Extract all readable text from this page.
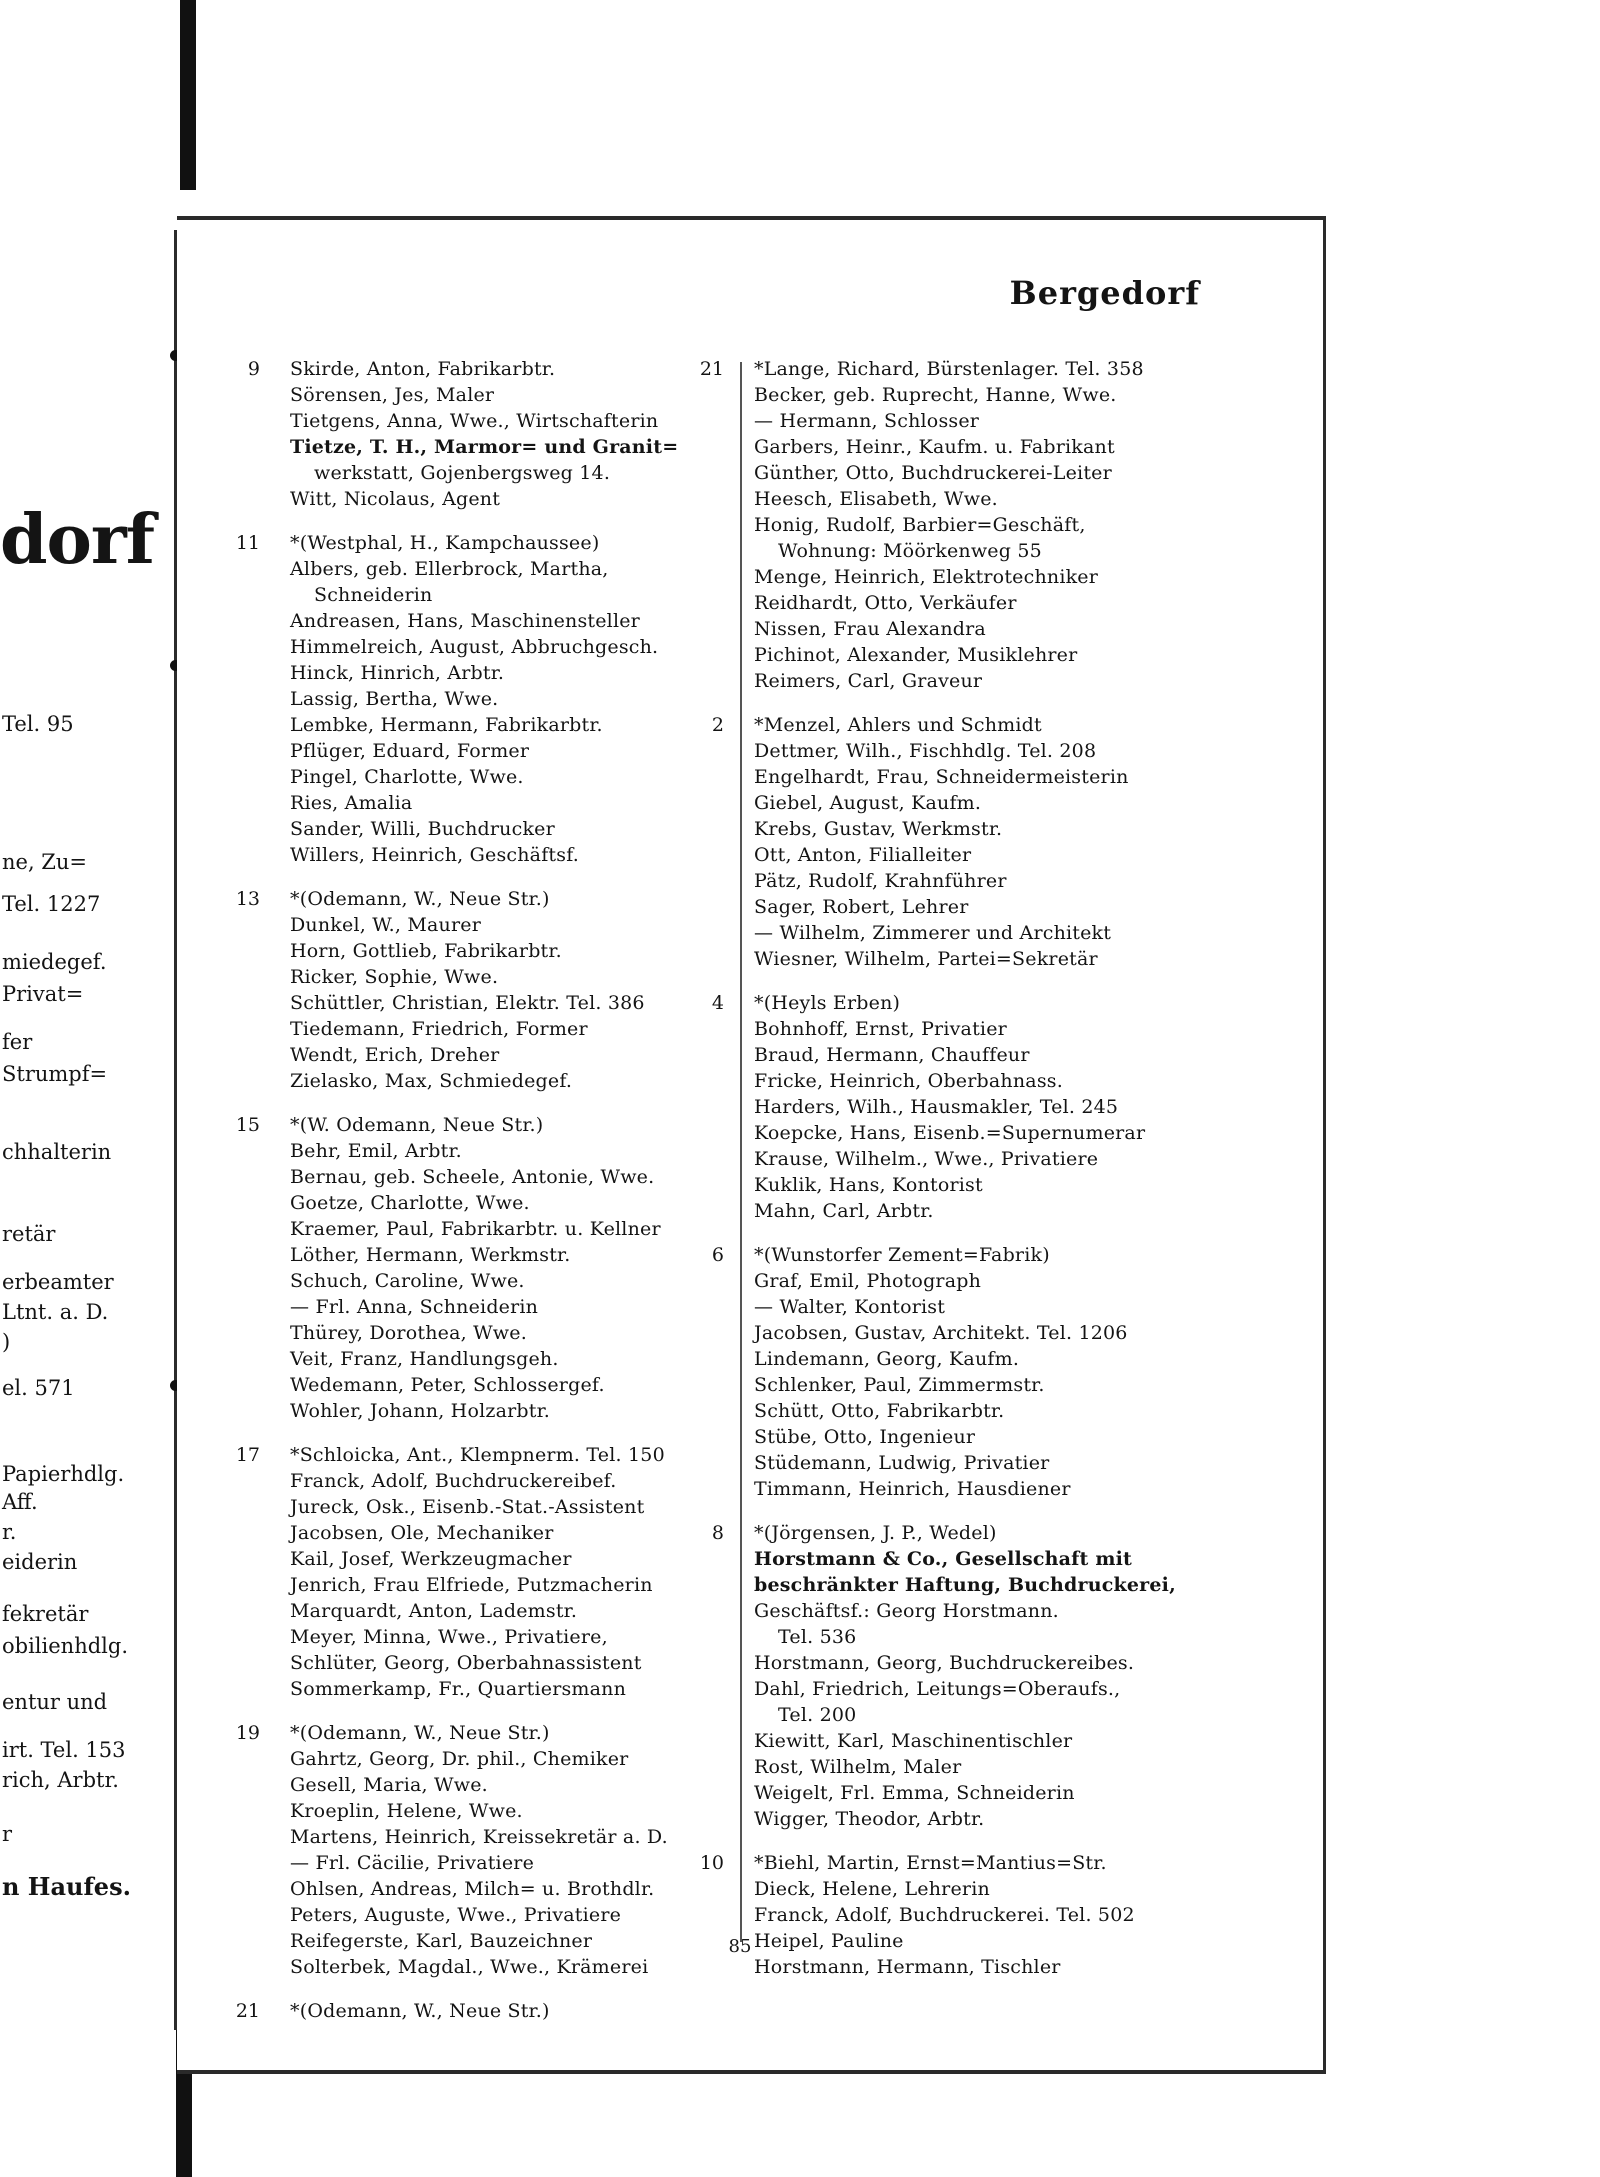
dorf
Tel. 95
ne, Zu=
Tel. 1227
miedegef.
Privat=
fer
Strumpf=
chhalterin
retär
erbeamter
Ltnt. a. D.
)
el. 571
Papierhdlg.
Aff.
r.
eiderin
fekretär
obilienhdlg.
entur und
irt. Tel. 153
rich, Arbtr.
r
n Haufes.
Bergedorf
9 Skirde, Anton, Fabrikarbtr.
Sörensen, Jes, Maler
Tietgens, Anna, Wwe., Wirtschafterin
Tietze, T. H., Marmor= und Granit=
werkstatt, Gojenbergsweg 14.
Witt, Nicolaus, Agent
11 *(Westphal, H., Kampchaussee)
Albers, geb. Ellerbrock, Martha,
Schneiderin
Andreasen, Hans, Maschinensteller
Himmelreich, August, Abbruchgesch.
Hinck, Hinrich, Arbtr.
Lassig, Bertha, Wwe.
Lembke, Hermann, Fabrikarbtr.
Pflüger, Eduard, Former
Pingel, Charlotte, Wwe.
Ries, Amalia
Sander, Willi, Buchdrucker
Willers, Heinrich, Geschäftsf.
13 *(Odemann, W., Neue Str.)
Dunkel, W., Maurer
Horn, Gottlieb, Fabrikarbtr.
Ricker, Sophie, Wwe.
Schüttler, Christian, Elektr. Tel. 386
Tiedemann, Friedrich, Former
Wendt, Erich, Dreher
Zielasko, Max, Schmiedegef.
15 *(W. Odemann, Neue Str.)
Behr, Emil, Arbtr.
Bernau, geb. Scheele, Antonie, Wwe.
Goetze, Charlotte, Wwe.
Kraemer, Paul, Fabrikarbtr. u. Kellner
Löther, Hermann, Werkmstr.
Schuch, Caroline, Wwe.
— Frl. Anna, Schneiderin
Thürey, Dorothea, Wwe.
Veit, Franz, Handlungsgeh.
Wedemann, Peter, Schlossergef.
Wohler, Johann, Holzarbtr.
17 *Schloicka, Ant., Klempnerm. Tel. 150
Franck, Adolf, Buchdruckereibef.
Jureck, Osk., Eisenb.-Stat.-Assistent
Jacobsen, Ole, Mechaniker
Kail, Josef, Werkzeugmacher
Jenrich, Frau Elfriede, Putzmacherin
Marquardt, Anton, Lademstr.
Meyer, Minna, Wwe., Privatiere,
Schlüter, Georg, Oberbahnassistent
Sommerkamp, Fr., Quartiersmann
19 *(Odemann, W., Neue Str.)
Gahrtz, Georg, Dr. phil., Chemiker
Gesell, Maria, Wwe.
Kroeplin, Helene, Wwe.
Martens, Heinrich, Kreissekretär a. D.
— Frl. Cäcilie, Privatiere
Ohlsen, Andreas, Milch= u. Brothdlr.
Peters, Auguste, Wwe., Privatiere
Reifegerste, Karl, Bauzeichner
Solterbek, Magdal., Wwe., Krämerei
21 *(Odemann, W., Neue Str.)
21 *Lange, Richard, Bürstenlager. Tel. 358
Becker, geb. Ruprecht, Hanne, Wwe.
— Hermann, Schlosser
Garbers, Heinr., Kaufm. u. Fabrikant
Günther, Otto, Buchdruckerei-Leiter
Heesch, Elisabeth, Wwe.
Honig, Rudolf, Barbier=Geschäft,
Wohnung: Möörkenweg 55
Menge, Heinrich, Elektrotechniker
Reidhardt, Otto, Verkäufer
Nissen, Frau Alexandra
Pichinot, Alexander, Musiklehrer
Reimers, Carl, Graveur
2 *Menzel, Ahlers und Schmidt
Dettmer, Wilh., Fischhdlg. Tel. 208
Engelhardt, Frau, Schneidermeisterin
Giebel, August, Kaufm.
Krebs, Gustav, Werkmstr.
Ott, Anton, Filialleiter
Pätz, Rudolf, Krahnführer
Sager, Robert, Lehrer
— Wilhelm, Zimmerer und Architekt
Wiesner, Wilhelm, Partei=Sekretär
4 *(Heyls Erben)
Bohnhoff, Ernst, Privatier
Braud, Hermann, Chauffeur
Fricke, Heinrich, Oberbahnass.
Harders, Wilh., Hausmakler, Tel. 245
Koepcke, Hans, Eisenb.=Supernumerar
Krause, Wilhelm., Wwe., Privatiere
Kuklik, Hans, Kontorist
Mahn, Carl, Arbtr.
6 *(Wunstorfer Zement=Fabrik)
Graf, Emil, Photograph
— Walter, Kontorist
Jacobsen, Gustav, Architekt. Tel. 1206
Lindemann, Georg, Kaufm.
Schlenker, Paul, Zimmermstr.
Schütt, Otto, Fabrikarbtr.
Stübe, Otto, Ingenieur
Stüdemann, Ludwig, Privatier
Timmann, Heinrich, Hausdiener
8 *(Jörgensen, J. P., Wedel)
Horstmann & Co., Gesellschaft mit
beschränkter Haftung, Buchdruckerei,
Geschäftsf.: Georg Horstmann.
Tel. 536
Horstmann, Georg, Buchdruckereibes.
Dahl, Friedrich, Leitungs=Oberaufs.,
Tel. 200
Kiewitt, Karl, Maschinentischler
Rost, Wilhelm, Maler
Weigelt, Frl. Emma, Schneiderin
Wigger, Theodor, Arbtr.
10 *Biehl, Martin, Ernst=Mantius=Str.
Dieck, Helene, Lehrerin
Franck, Adolf, Buchdruckerei. Tel. 502
Heipel, Pauline
Horstmann, Hermann, Tischler
85
